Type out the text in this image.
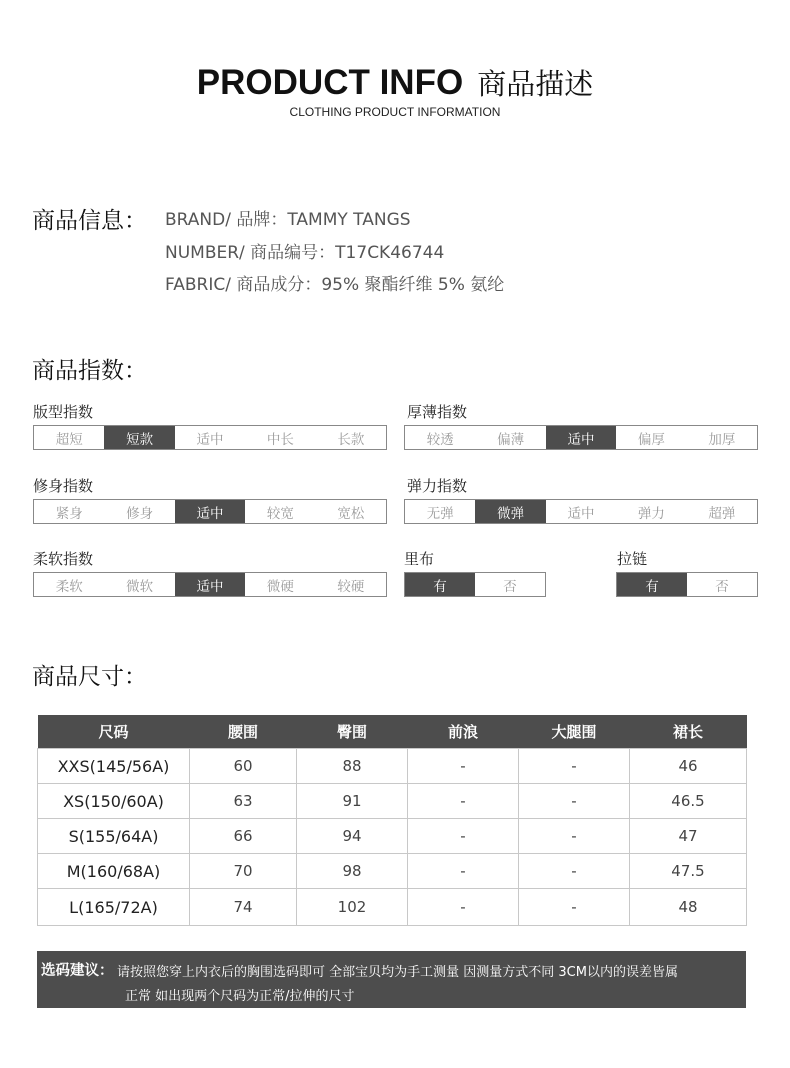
PRODUCT INFO 商品描述
CLOTHING PRODUCT INFORMATION
商品信息： BRAND/ 品牌：TAMMY TANGS
NUMBER/ 商品编号：T17CK46744
FABRIC/ 商品成分：95% 聚酯纤维 5% 氨纶
商品指数：
版型指数
超短	短款	适中	中长	长款
厚薄指数
较透	偏薄	适中	偏厚	加厚
修身指数
紧身	修身	适中	较宽	宽松
弹力指数
无弹	微弹	适中	弹力	超弹
柔软指数
柔软	微软	适中	微硬	较硬
里布
有	否
拉链
有	否
商品尺寸：
尺码	腰围	臀围	前浪	大腿围	裙长
XXS(145/56A)	60	88	-	-	46
XS(150/60A)	63	91	-	-	46.5
S(155/64A)	66	94	-	-	47
M(160/68A)	70	98	-	-	47.5
L(165/72A)	74	102	-	-	48
选码建议： 请按照您穿上内衣后的胸围选码即可 全部宝贝均为手工测量 因测量方式不同 3CM以内的误差皆属
正常 如出现两个尺码为正常/拉伸的尺寸
